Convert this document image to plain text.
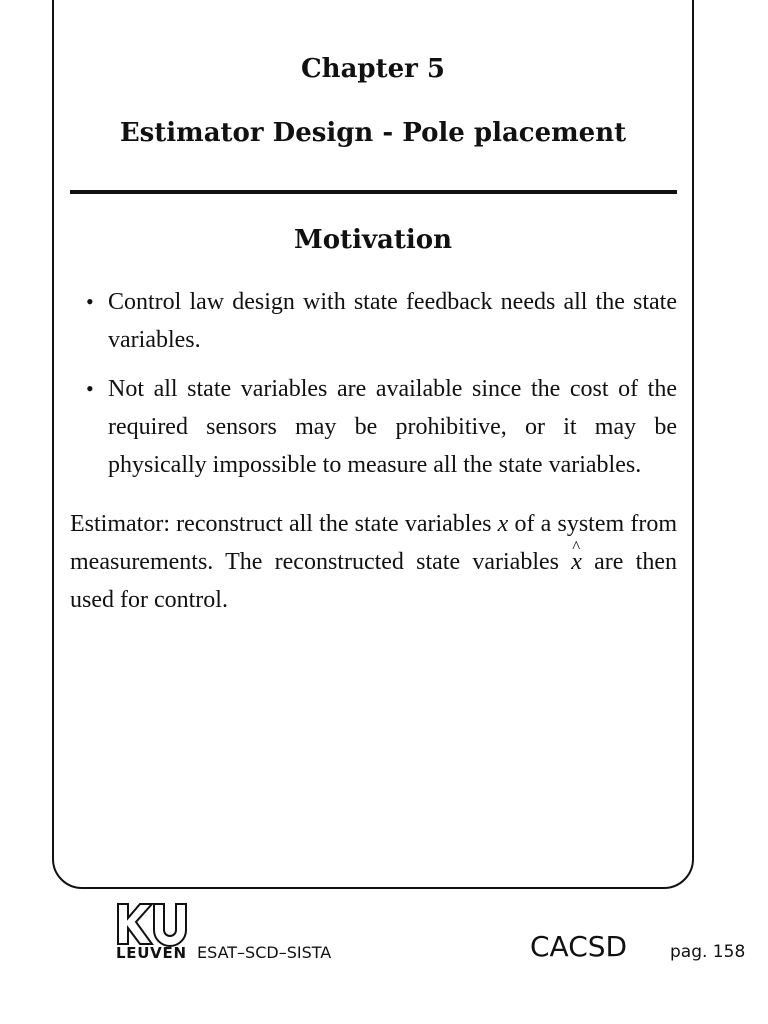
Chapter 5
Estimator Design - Pole placement
Motivation
• Control law design with state feedback needs all the state variables.
• Not all state variables are available since the cost of the required sensors may be prohibitive, or it may be physically impossible to measure all the state variables.

Estimator: reconstruct all the state variables x of a system from measurements. The reconstructed state variables ^ x are then used for control.

LEUVEN ESAT–SCD–SISTA	CACSD	pag. 158
